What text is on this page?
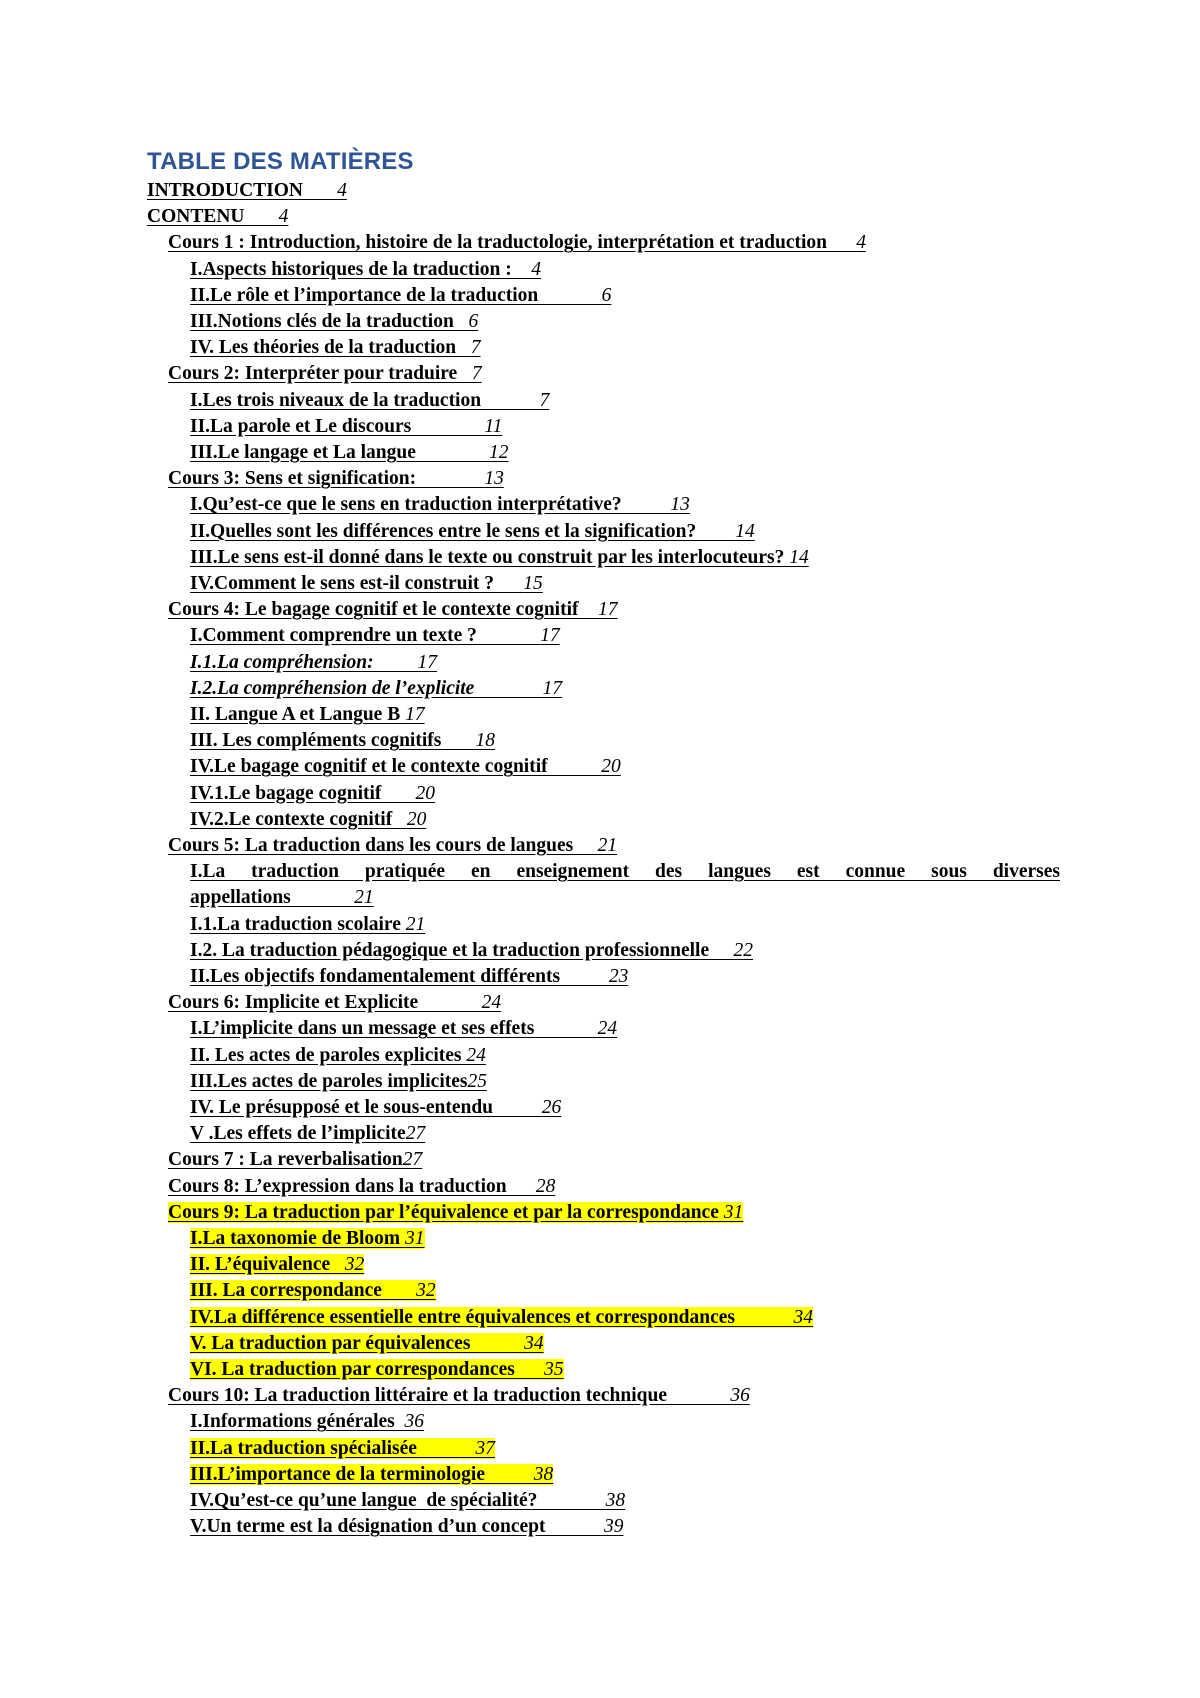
TABLE DES MATIÈRES
INTRODUCTION       4
CONTENU       4
Cours 1 : Introduction, histoire de la traductologie, interprétation et traduction      4
I.Aspects historiques de la traduction :    4
II.Le rôle et l’importance de la traduction             6
III.Notions clés de la traduction   6
IV. Les théories de la traduction   7
Cours 2: Interpréter pour traduire   7
I.Les trois niveaux de la traduction            7
II.La parole et Le discours               11
III.Le langage et La langue               12
Cours 3: Sens et signification:              13
I.Qu’est-ce que le sens en traduction interprétative?          13
II.Quelles sont les différences entre le sens et la signification?        14
III.Le sens est-il donné dans le texte ou construit par les interlocuteurs? 14
IV.Comment le sens est-il construit ?      15
Cours 4: Le bagage cognitif et le contexte cognitif    17
I.Comment comprendre un texte ?             17
I.1.La compréhension:         17
I.2.La compréhension de l’explicite              17
II. Langue A et Langue B 17
III. Les compléments cognitifs       18
IV.Le bagage cognitif et le contexte cognitif           20
IV.1.Le bagage cognitif       20
IV.2.Le contexte cognitif   20
Cours 5: La traduction dans les cours de langues     21
I.La traduction pratiquée en enseignement des langues est connue sous diverses
appellations             21
I.1.La traduction scolaire 21
I.2. La traduction pédagogique et la traduction professionnelle     22
II.Les objectifs fondamentalement différents          23
Cours 6: Implicite et Explicite             24
I.L’implicite dans un message et ses effets             24
II. Les actes de paroles explicites 24
III.Les actes de paroles implicites25
IV. Le présupposé et le sous-entendu          26
V .Les effets de l’implicite27
Cours 7 : La reverbalisation27
Cours 8: L’expression dans la traduction      28
Cours 9: La traduction par l’équivalence et par la correspondance 31
I.La taxonomie de Bloom 31
II. L’équivalence   32
III. La correspondance       32
IV.La différence essentielle entre équivalences et correspondances            34
V. La traduction par équivalences           34
VI. La traduction par correspondances      35
Cours 10: La traduction littéraire et la traduction technique             36
I.Informations générales  36
II.La traduction spécialisée            37
III.L’importance de la terminologie          38
IV.Qu’est-ce qu’une langue  de spécialité?              38
V.Un terme est la désignation d’un concept            39
